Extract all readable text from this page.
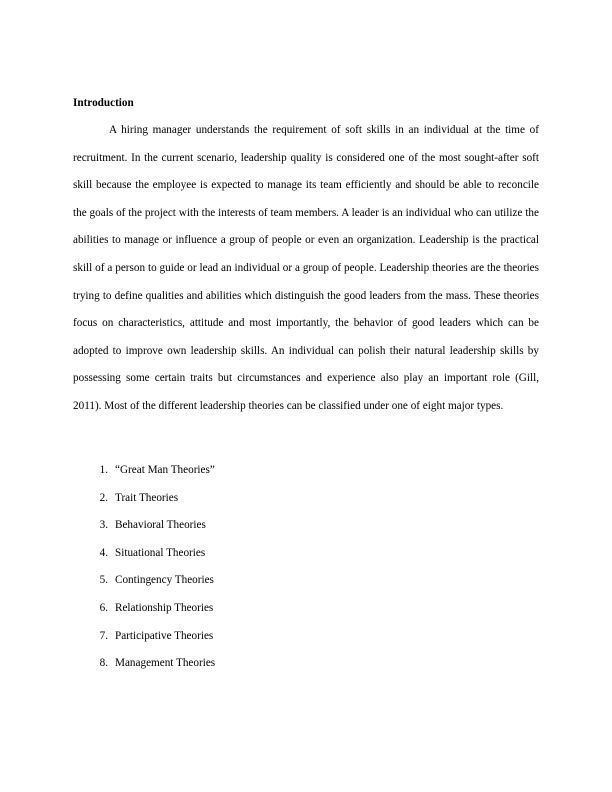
Introduction

A hiring manager understands the requirement of soft skills in an individual at the time of recruitment. In the current scenario, leadership quality is considered one of the most sought-after soft skill because the employee is expected to manage its team efficiently and should be able to reconcile the goals of the project with the interests of team members. A leader is an individual who can utilize the abilities to manage or influence a group of people or even an organization. Leadership is the practical skill of a person to guide or lead an individual or a group of people. Leadership theories are the theories trying to define qualities and abilities which distinguish the good leaders from the mass. These theories focus on characteristics, attitude and most importantly, the behavior of good leaders which can be adopted to improve own leadership skills. An individual can polish their natural leadership skills by possessing some certain traits but circumstances and experience also play an important role (Gill, 2011). Most of the different leadership theories can be classified under one of eight major types.

1. “Great Man Theories”
2. Trait Theories
3. Behavioral Theories
4. Situational Theories
5. Contingency Theories
6. Relationship Theories
7. Participative Theories
8. Management Theories
